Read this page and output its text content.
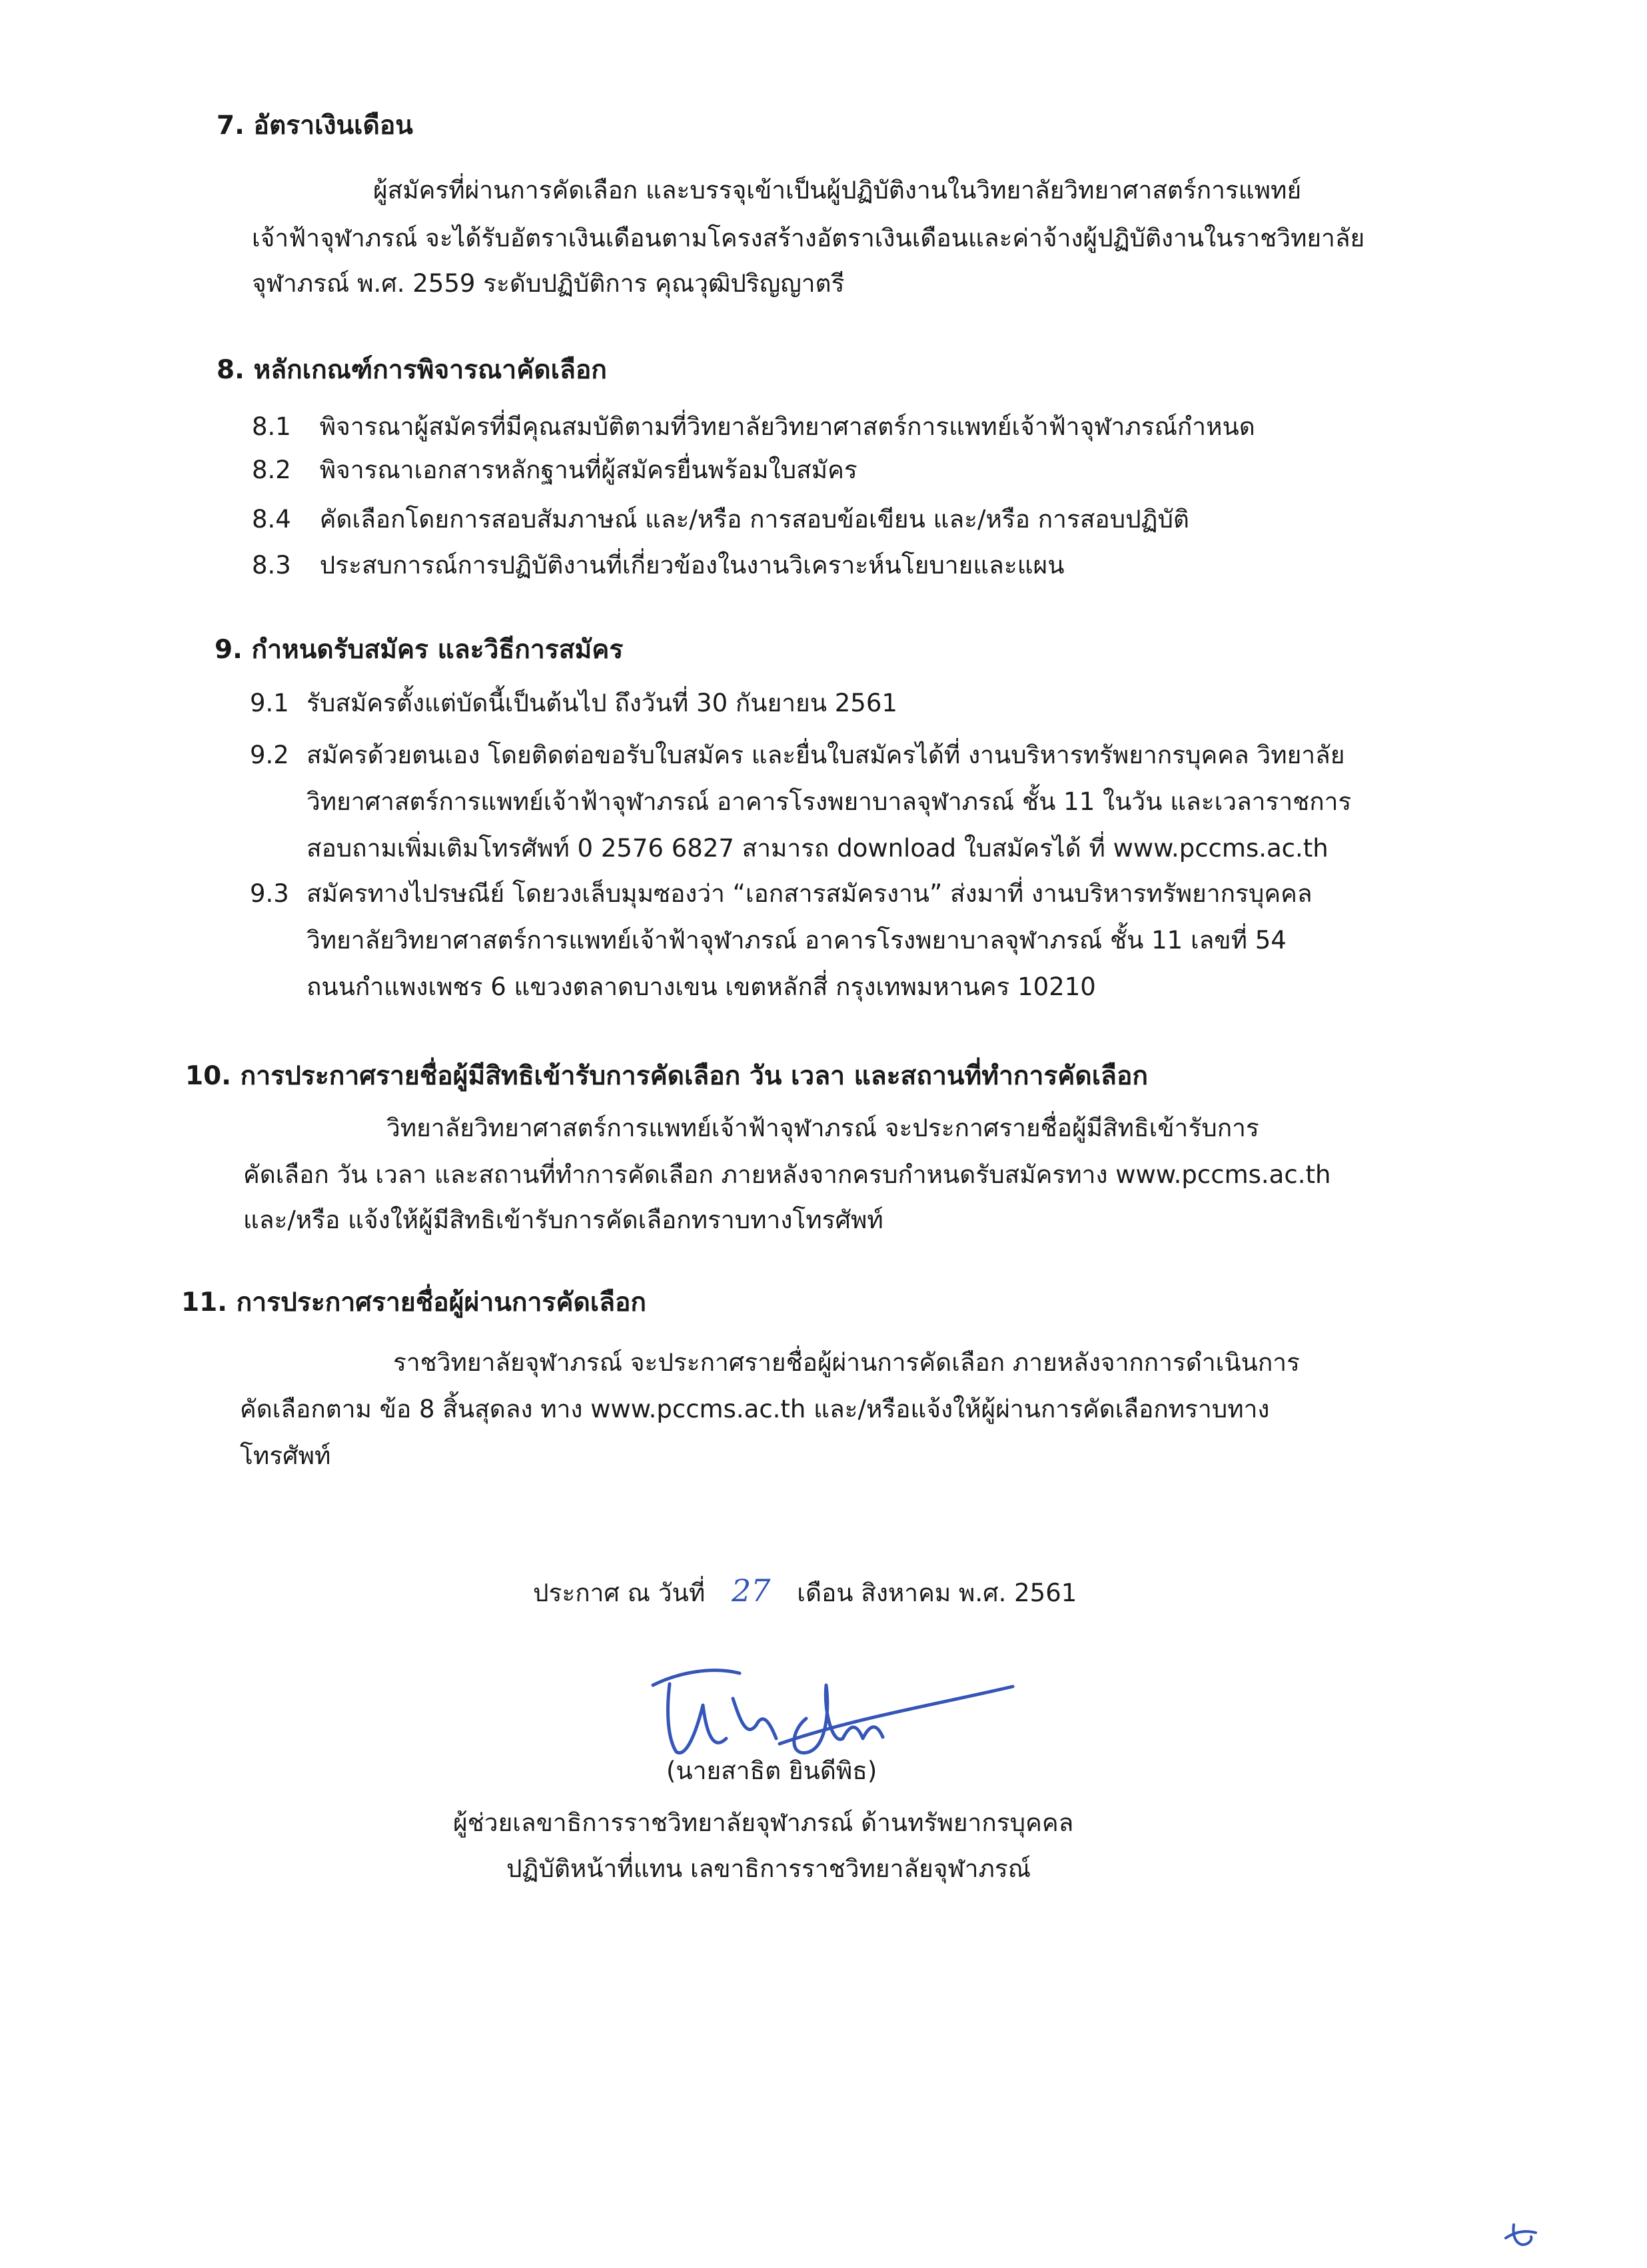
7. อัตราเงินเดือน
ผู้สมัครที่ผ่านการคัดเลือก และบรรจุเข้าเป็นผู้ปฏิบัติงานในวิทยาลัยวิทยาศาสตร์การแพทย์
เจ้าฟ้าจุฬาภรณ์ จะได้รับอัตราเงินเดือนตามโครงสร้างอัตราเงินเดือนและค่าจ้างผู้ปฏิบัติงานในราชวิทยาลัย
จุฬาภรณ์ พ.ศ. 2559 ระดับปฏิบัติการ คุณวุฒิปริญญาตรี
8. หลักเกณฑ์การพิจารณาคัดเลือก
8.1 พิจารณาผู้สมัครที่มีคุณสมบัติตามที่วิทยาลัยวิทยาศาสตร์การแพทย์เจ้าฟ้าจุฬาภรณ์กำหนด
8.2 พิจารณาเอกสารหลักฐานที่ผู้สมัครยื่นพร้อมใบสมัคร
8.4 คัดเลือกโดยการสอบสัมภาษณ์ และ/หรือ การสอบข้อเขียน และ/หรือ การสอบปฏิบัติ
8.3 ประสบการณ์การปฏิบัติงานที่เกี่ยวข้องในงานวิเคราะห์นโยบายและแผน
9. กำหนดรับสมัคร และวิธีการสมัคร
9.1 รับสมัครตั้งแต่บัดนี้เป็นต้นไป ถึงวันที่ 30 กันยายน 2561
9.2 สมัครด้วยตนเอง โดยติดต่อขอรับใบสมัคร และยื่นใบสมัครได้ที่ งานบริหารทรัพยากรบุคคล วิทยาลัย
วิทยาศาสตร์การแพทย์เจ้าฟ้าจุฬาภรณ์ อาคารโรงพยาบาลจุฬาภรณ์ ชั้น 11 ในวัน และเวลาราชการ
สอบถามเพิ่มเติมโทรศัพท์ 0 2576 6827 สามารถ download ใบสมัครได้ ที่ www.pccms.ac.th
9.3 สมัครทางไปรษณีย์ โดยวงเล็บมุมซองว่า “เอกสารสมัครงาน” ส่งมาที่ งานบริหารทรัพยากรบุคคล
วิทยาลัยวิทยาศาสตร์การแพทย์เจ้าฟ้าจุฬาภรณ์ อาคารโรงพยาบาลจุฬาภรณ์ ชั้น 11 เลขที่ 54
ถนนกำแพงเพชร 6 แขวงตลาดบางเขน เขตหลักสี่ กรุงเทพมหานคร 10210
10. การประกาศรายชื่อผู้มีสิทธิเข้ารับการคัดเลือก วัน เวลา และสถานที่ทำการคัดเลือก
วิทยาลัยวิทยาศาสตร์การแพทย์เจ้าฟ้าจุฬาภรณ์ จะประกาศรายชื่อผู้มีสิทธิเข้ารับการ
คัดเลือก วัน เวลา และสถานที่ทำการคัดเลือก ภายหลังจากครบกำหนดรับสมัครทาง www.pccms.ac.th
และ/หรือ แจ้งให้ผู้มีสิทธิเข้ารับการคัดเลือกทราบทางโทรศัพท์
11. การประกาศรายชื่อผู้ผ่านการคัดเลือก
ราชวิทยาลัยจุฬาภรณ์ จะประกาศรายชื่อผู้ผ่านการคัดเลือก ภายหลังจากการดำเนินการ
คัดเลือกตาม ข้อ 8 สิ้นสุดลง ทาง www.pccms.ac.th และ/หรือแจ้งให้ผู้ผ่านการคัดเลือกทราบทาง
โทรศัพท์
ประกาศ ณ วันที่ 27 เดือน สิงหาคม พ.ศ. 2561
(นายสาธิต ยินดีพิธ)
ผู้ช่วยเลขาธิการราชวิทยาลัยจุฬาภรณ์ ด้านทรัพยากรบุคคล
ปฏิบัติหน้าที่แทน เลขาธิการราชวิทยาลัยจุฬาภรณ์
